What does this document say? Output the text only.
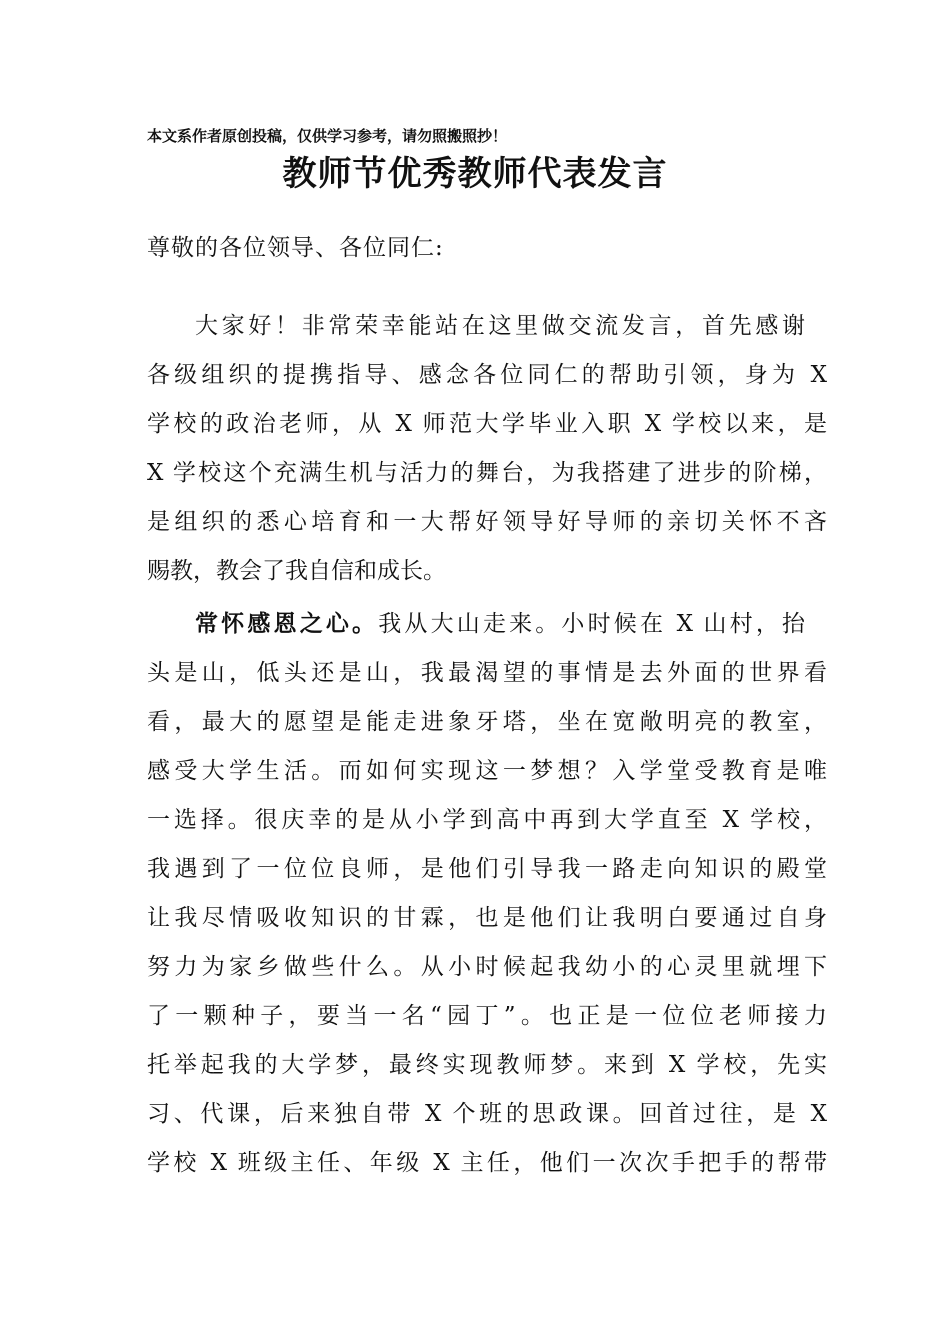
本文系作者原创投稿，仅供学习参考，请勿照搬照抄！
教师节优秀教师代表发言
尊敬的各位领导、各位同仁:
大家好！非常荣幸能站在这里做交流发言，首先感谢
各级组织的提携指导、感念各位同仁的帮助引领，身为 X
学校的政治老师，从 X 师范大学毕业入职 X 学校以来，是
X 学校这个充满生机与活力的舞台，为我搭建了进步的阶梯，
是组织的悉心培育和一大帮好领导好导师的亲切关怀不吝
赐教，教会了我自信和成长。
常怀感恩之心。我从大山走来。小时候在 X 山村，抬
头是山，低头还是山，我最渴望的事情是去外面的世界看
看，最大的愿望是能走进象牙塔，坐在宽敞明亮的教室，
感受大学生活。而如何实现这一梦想？入学堂受教育是唯
一选择。很庆幸的是从小学到高中再到大学直至 X 学校，
我遇到了一位位良师，是他们引导我一路走向知识的殿堂
让我尽情吸收知识的甘霖，也是他们让我明白要通过自身
努力为家乡做些什么。从小时候起我幼小的心灵里就埋下
了一颗种子，要当一名“园丁”。也正是一位位老师接力
托举起我的大学梦，最终实现教师梦。来到 X 学校，先实
习、代课，后来独自带 X 个班的思政课。回首过往，是 X
学校 X 班级主任、年级 X 主任，他们一次次手把手的帮带
